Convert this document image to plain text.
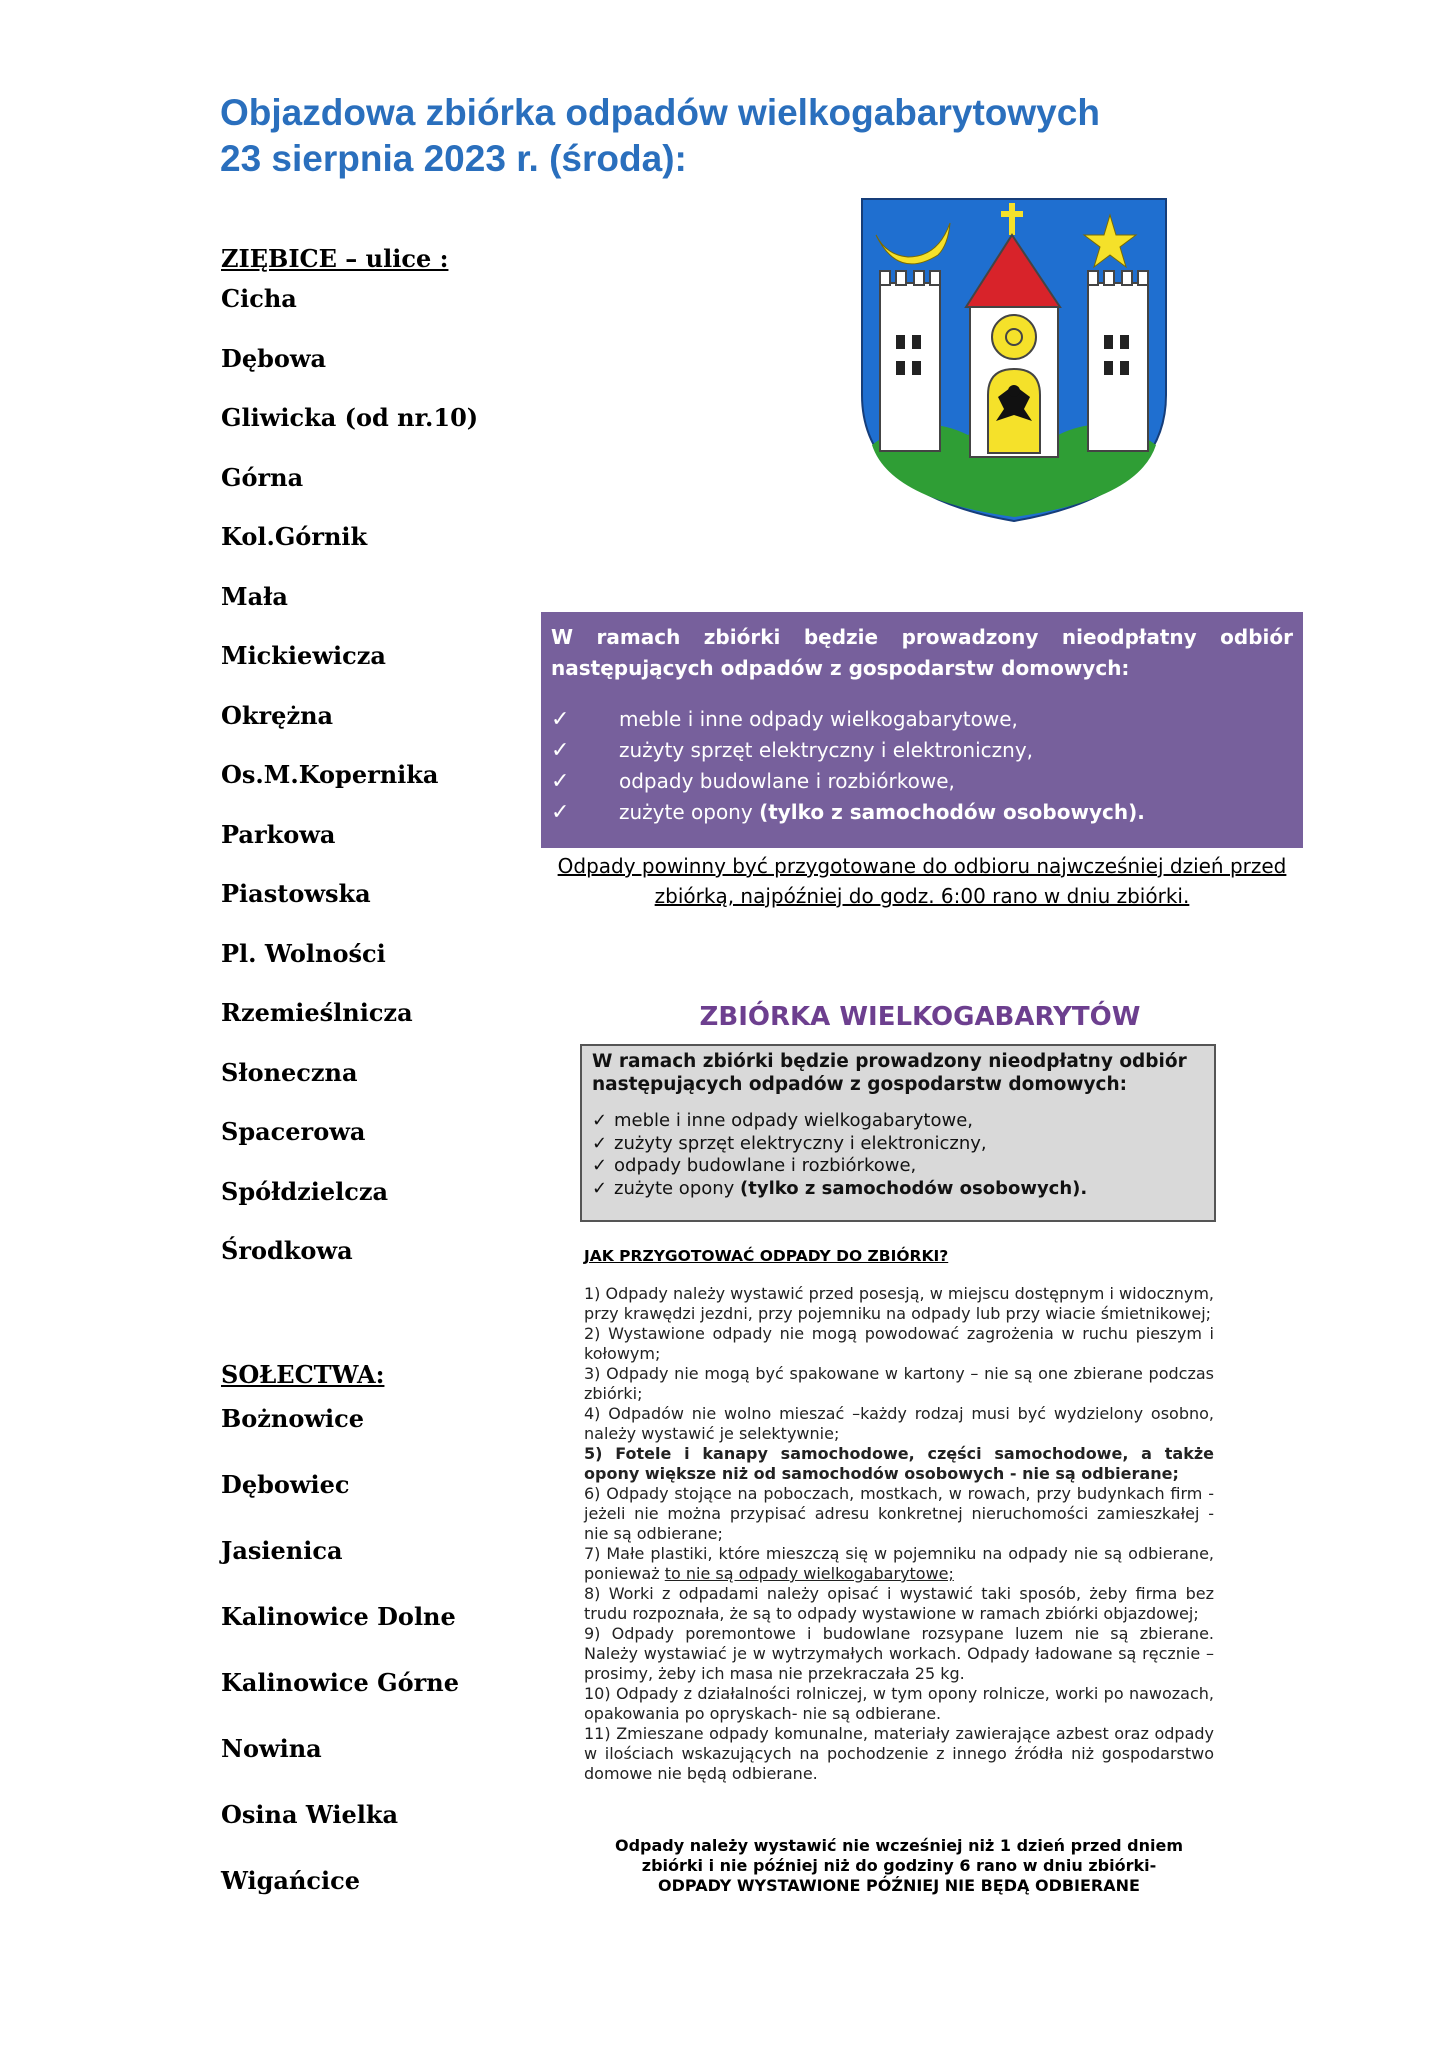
Objazdowa zbiórka odpadów wielkogabarytowych
23 sierpnia 2023 r. (środa):
ZIĘBICE – ulice :
Cicha
Dębowa
Gliwicka (od nr.10)
Górna
Kol.Górnik
Mała
Mickiewicza
Okrężna
Os.M.Kopernika
Parkowa
Piastowska
Pl. Wolności
Rzemieślnicza
Słoneczna
Spacerowa
Spółdzielcza
Środkowa
SOŁECTWA:
Bożnowice
Dębowiec
Jasienica
Kalinowice Dolne
Kalinowice Górne
Nowina
Osina Wielka
Wigańcice
W ramach zbiórki będzie prowadzony nieodpłatny odbiór następujących odpadów z gospodarstw domowych:
✓ meble i inne odpady wielkogabarytowe,
✓ zużyty sprzęt elektryczny i elektroniczny,
✓ odpady budowlane i rozbiórkowe,
✓ zużyte opony (tylko z samochodów osobowych).
Odpady powinny być przygotowane do odbioru najwcześniej dzień przed zbiórką, najpóźniej do godz. 6:00 rano w dniu zbiórki.
ZBIÓRKA WIELKOGABARYTÓW
W ramach zbiórki będzie prowadzony nieodpłatny odbiór następujących odpadów z gospodarstw domowych:
✓ meble i inne odpady wielkogabarytowe,
✓ zużyty sprzęt elektryczny i elektroniczny,
✓ odpady budowlane i rozbiórkowe,
✓ zużyte opony (tylko z samochodów osobowych).
JAK PRZYGOTOWAĆ ODPADY DO ZBIÓRKI?
1) Odpady należy wystawić przed posesją, w miejscu dostępnym i widocznym, przy krawędzi jezdni, przy pojemniku na odpady lub przy wiacie śmietnikowej;
2) Wystawione odpady nie mogą powodować zagrożenia w ruchu pieszym i kołowym;
3) Odpady nie mogą być spakowane w kartony – nie są one zbierane podczas zbiórki;
4) Odpadów nie wolno mieszać –każdy rodzaj musi być wydzielony osobno, należy wystawić je selektywnie;
5) Fotele i kanapy samochodowe, części samochodowe, a także opony większe niż od samochodów osobowych - nie są odbierane;
6) Odpady stojące na poboczach, mostkach, w rowach, przy budynkach firm - jeżeli nie można przypisać adresu konkretnej nieruchomości zamieszkałej - nie są odbierane;
7) Małe plastiki, które mieszczą się w pojemniku na odpady nie są odbierane, ponieważ to nie są odpady wielkogabarytowe;
8) Worki z odpadami należy opisać i wystawić taki sposób, żeby firma bez trudu rozpoznała, że są to odpady wystawione w ramach zbiórki objazdowej;
9) Odpady poremontowe i budowlane rozsypane luzem nie są zbierane. Należy wystawiać je w wytrzymałych workach. Odpady ładowane są ręcznie – prosimy, żeby ich masa nie przekraczała 25 kg.
10) Odpady z działalności rolniczej, w tym opony rolnicze, worki po nawozach, opakowania po opryskach- nie są odbierane.
11) Zmieszane odpady komunalne, materiały zawierające azbest oraz odpady w ilościach wskazujących na pochodzenie z innego źródła niż gospodarstwo domowe nie będą odbierane.
Odpady należy wystawić nie wcześniej niż 1 dzień przed dniem
zbiórki i nie później niż do godziny 6 rano w dniu zbiórki-
ODPADY WYSTAWIONE PÓŹNIEJ NIE BĘDĄ ODBIERANE
